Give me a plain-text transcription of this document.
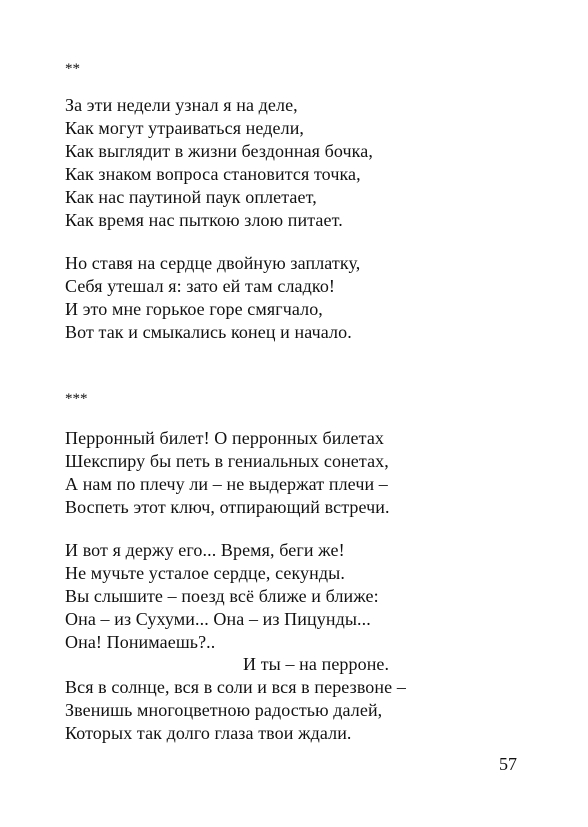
**
За эти недели узнал я на деле,
Как могут утраиваться недели,
Как выглядит в жизни бездонная бочка,
Как знаком вопроса становится точка,
Как нас паутиной паук оплетает,
Как время нас пыткою злою питает.
Но ставя на сердце двойную заплатку,
Себя утешал я: зато ей там сладко!
И это мне горькое горе смягчало,
Вот так и смыкались конец и начало.
***
Перронный билет! О перронных билетах
Шекспиру бы петь в гениальных сонетах,
А нам по плечу ли – не выдержат плечи –
Воспеть этот ключ, отпирающий встречи.
И вот я держу его... Время, беги же!
Не мучьте усталое сердце, секунды.
Вы слышите – поезд всё ближе и ближе:
Она – из Сухуми... Она – из Пицунды...
Она! Понимаешь?..
И ты – на перроне.
Вся в солнце, вся в соли и вся в перезвоне –
Звенишь многоцветною радостью далей,
Которых так долго глаза твои ждали.
57
